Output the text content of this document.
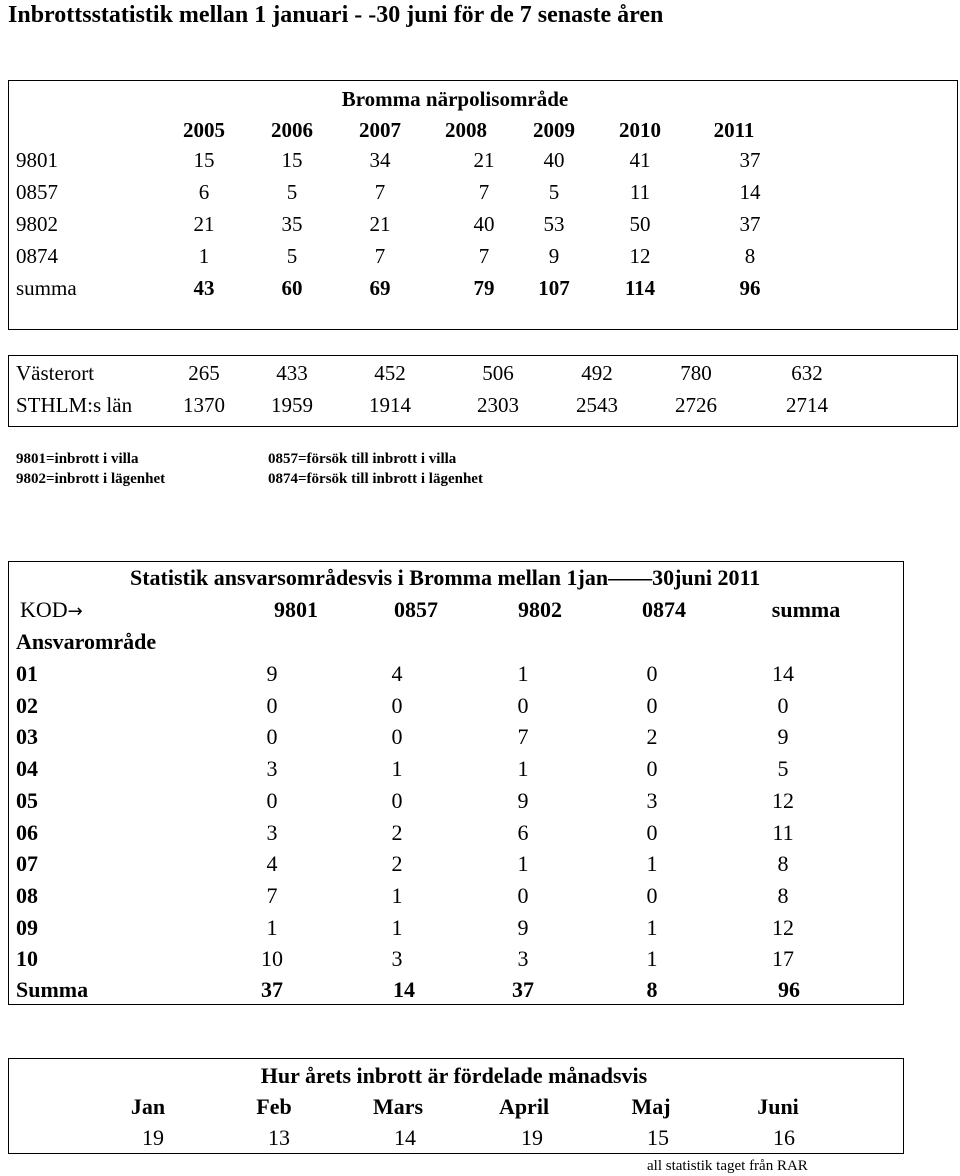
Inbrottsstatistik mellan 1 januari - -30 juni för de 7 senaste åren
Bromma närpolisområde
2005 2006 2007 2008 2009 2010	2011
9801	15	15	34	21 40	41	37
0857	6	5	7	7	5	11	14
9802	21	35	21	40 53	50	37
0874	1	5	7	7	9	12	8
summa	43	60	69	79 107	114	96
Västerort	265	433	452	506	492	780	632
STHLM:s län 1370 1959	1914	2303	2543	2726	2714
9801=inbrott i villa
9802=inbrott i lägenhet
0857=försök till inbrott i villa
0874=försök till inbrott i lägenhet
Statistik ansvarsområdesvis i Bromma mellan 1jan——30juni 2011
KOD→	9801	0857	9802	0874	summa
Ansvarområde
01	9	4	1	0	14
02	0	0	0	0	0
03	0	0	7	2	9
04	3	1	1	0	5
05	0	0	9	3	12
06	3	2	6	0	11
07	4	2	1	1	8
08	7	1	0	0	8
09	1	1	9	1	12
10	10	3	3	1	17
Summa	37	14	37	8	96
Hur årets inbrott är fördelade månadsvis
Jan	Feb	Mars	April	Maj	Juni
19	13	14	19	15	16
all statistik taget från RAR
